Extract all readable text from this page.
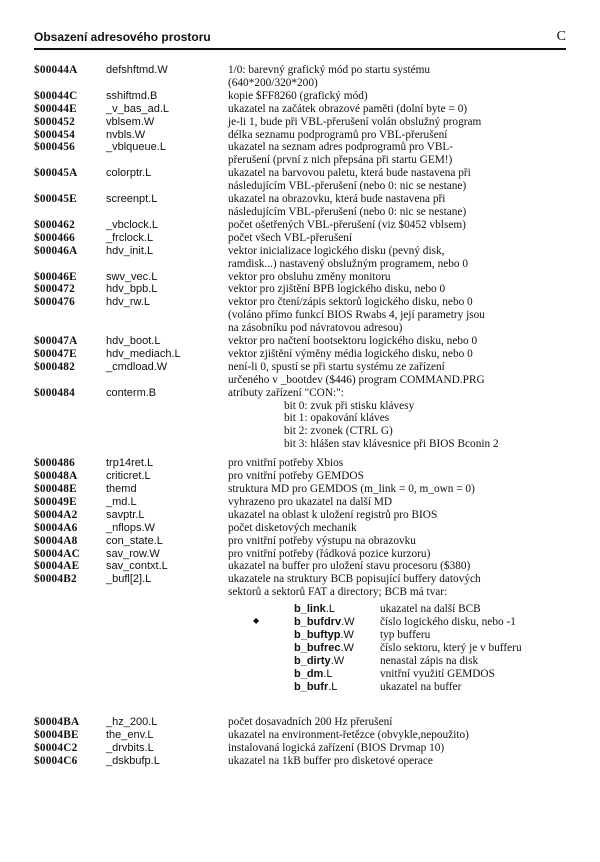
Obsazení adresového prostoru	C
$00044A	defshftmd.W	1/0: barevný grafický mód po startu systému
(640*200/320*200)
$00044C	sshiftmd.B	kopie $FF8260 (grafický mód)
$00044E	_v_bas_ad.L	ukazatel na začátek obrazové paměti (dolní byte = 0)
$000452	vblsem.W	je-li 1, bude při VBL-přerušení volán obslužný program
$000454	nvbls.W	délka seznamu podprogramů pro VBL-přerušení
$000456	_vblqueue.L	ukazatel na seznam adres podprogramů pro VBL-
přerušení (první z nich přepsána při startu GEM!)
$00045A	colorptr.L	ukazatel na barvovou paletu, která bude nastavena při
následujícím VBL-přerušení (nebo 0: nic se nestane)
$00045E	screenpt.L	ukazatel na obrazovku, která bude nastavena při
následujícím VBL-přerušení (nebo 0: nic se nestane)
$000462	_vbclock.L	počet ošetřených VBL-přerušení (viz $0452 vblsem)
$000466	_frclock.L	počet všech VBL-přerušení
$00046A	hdv_init.L	vektor inicializace logického disku (pevný disk,
ramdisk...) nastavený obslužným programem, nebo 0
$00046E	swv_vec.L	vektor pro obsluhu změny monitoru
$000472	hdv_bpb.L	vektor pro zjištění BPB logického disku, nebo 0
$000476	hdv_rw.L	vektor pro čtení/zápis sektorů logického disku, nebo 0
(voláno přímo funkcí BIOS Rwabs 4, její parametry jsou
na zásobníku pod návratovou adresou)
$00047A	hdv_boot.L	vektor pro načtení bootsektoru logického disku, nebo 0
$00047E	hdv_mediach.L	vektor zjištění výměny média logického disku, nebo 0
$000482	_cmdload.W	není-li 0, spustí se při startu systému ze zařízení
určeného v _bootdev ($446) program COMMAND.PRG
$000484	conterm.B	atributy zařízení "CON:":
bit 0: zvuk při stisku klávesy
bit 1: opakování kláves
bit 2: zvonek (CTRL G)
bit 3: hlášen stav klávesnice při BIOS Bconin 2
$000486	trp14ret.L	pro vnitřní potřeby Xbios
$00048A	criticret.L	pro vnitřní potřeby GEMDOS
$00048E	themd	struktura MD pro GEMDOS (m_link = 0, m_own = 0)
$00049E	_md.L	vyhrazeno pro ukazatel na další MD
$0004A2	savptr.L	ukazatel na oblast k uložení registrů pro BIOS
$0004A6	_nflops.W	počet disketových mechanik
$0004A8	con_state.L	pro vnitřní potřeby výstupu na obrazovku
$0004AC sav_row.W	pro vnitřní potřeby (řádková pozice kurzoru)
$0004AE sav_contxt.L	ukazatel na buffer pro uložení stavu procesoru ($380)
$0004B2	_bufl[2].L	ukazatele na struktury BCB popisující buffery datových
sektorů a sektorů FAT a directory; BCB má tvar:
◆
b_link.L	ukazatel na další BCB
b_bufdrv.W číslo logického disku, nebo -1
b_buftyp.W typ bufferu
b_bufrec.W číslo sektoru, který je v bufferu
b_dirty.W	nenastal zápis na disk
b_dm.L	vnitřní využití GEMDOS
b_bufr.L	ukazatel na buffer
$0004BA _hz_200.L	počet dosavadních 200 Hz přerušení
$0004BE the_env.L	ukazatel na environment-řetězce (obvykle,nepoužito)
$0004C2	_drvbits.L	instalovaná logická zařízení (BIOS Drvmap 10)
$0004C6	_dskbufp.L	ukazatel na 1kB buffer pro disketové operace
